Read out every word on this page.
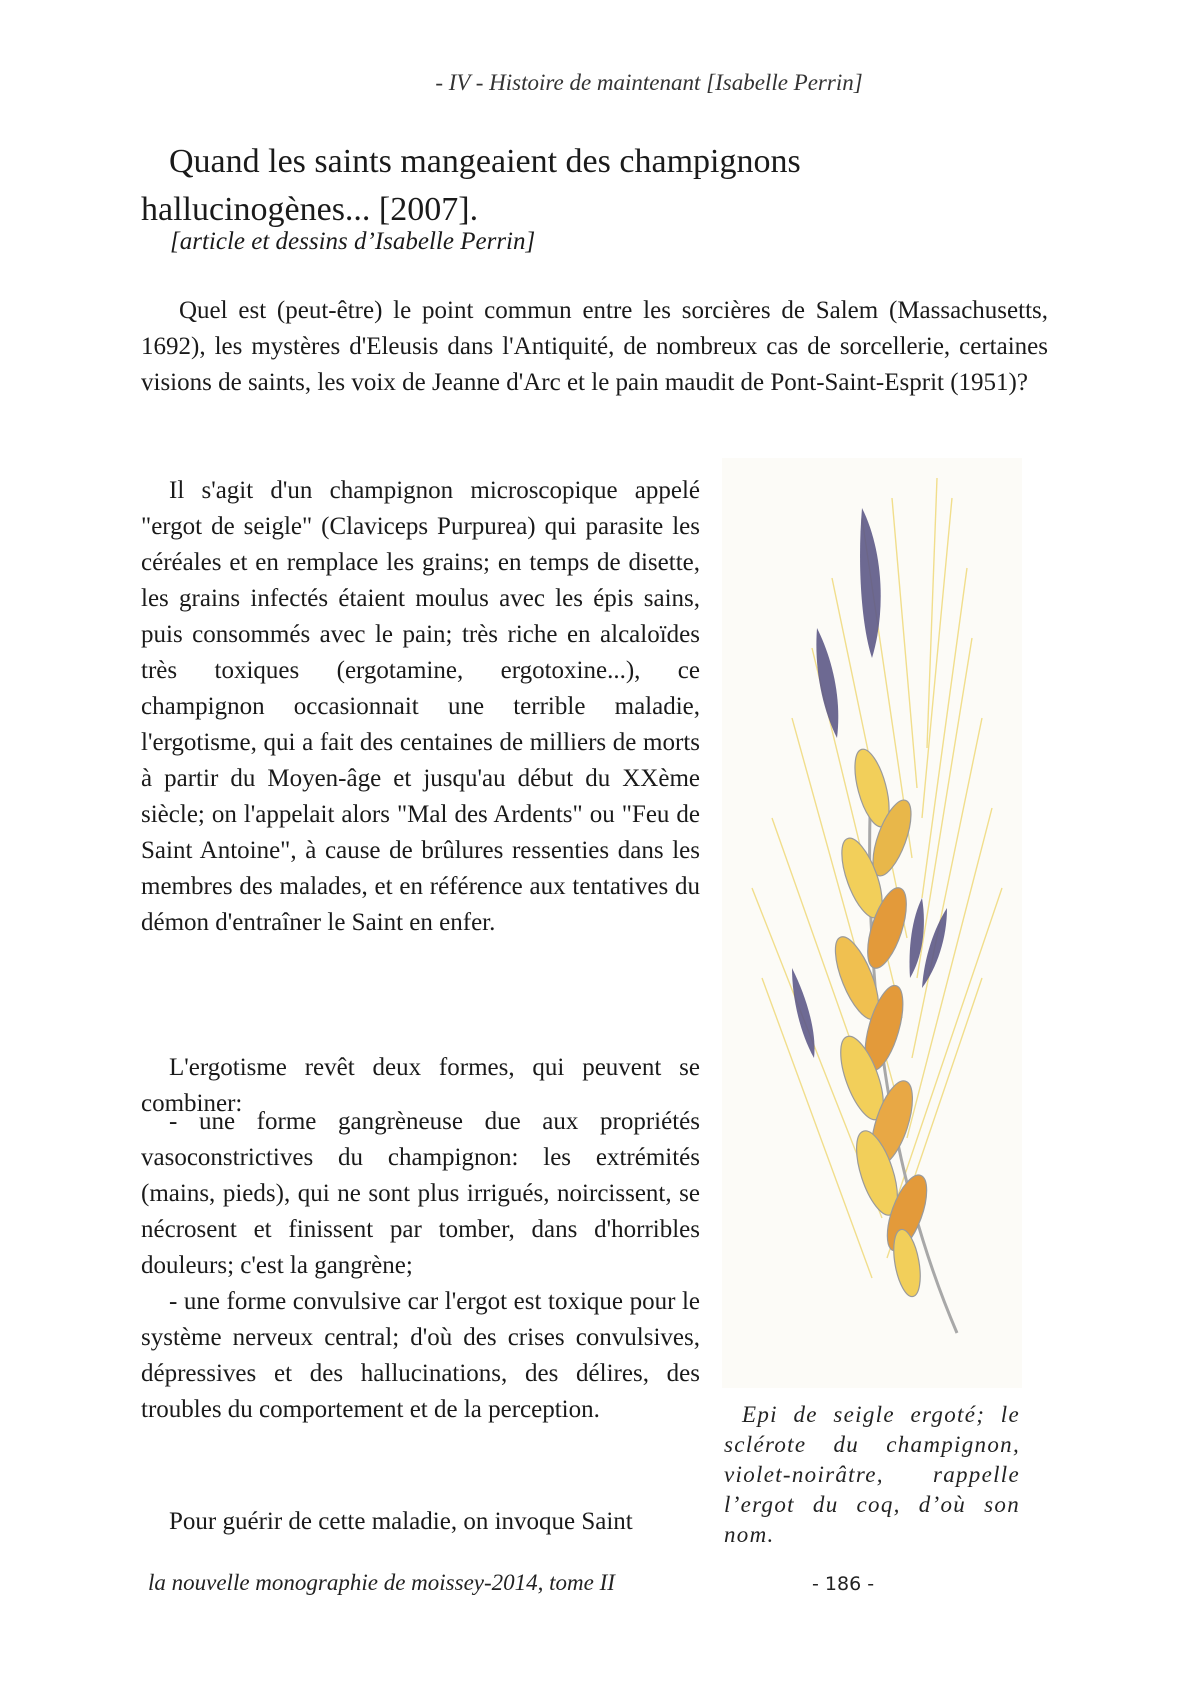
- IV - Histoire de maintenant [Isabelle Perrin]
Quand les saints mangeaient des champignons hallucinogènes... [2007].
[article et dessins d’Isabelle Perrin]

Quel est (peut-être) le point commun entre les sorcières de Salem (Massachusetts, 1692), les mystères d'Eleusis dans l'Antiquité, de nombreux cas de sorcellerie, certaines visions de saints, les voix de Jeanne d'Arc et le pain maudit de Pont-Saint-Esprit (1951)?

Il s'agit d'un champignon microscopique appelé "ergot de seigle" (Claviceps Purpurea) qui parasite les céréales et en remplace les grains; en temps de disette, les grains infectés étaient moulus avec les épis sains, puis consommés avec le pain; très riche en alcaloïdes très toxiques (ergotamine, ergotoxine...), ce champignon occasionnait une terrible maladie, l'ergotisme, qui a fait des centaines de milliers de morts à partir du Moyen-âge et jusqu'au début du XXème siècle; on l'appelait alors "Mal des Ardents" ou "Feu de Saint Antoine", à cause de brûlures ressenties dans les membres des malades, et en référence aux tentatives du démon d'entraîner le Saint en enfer.

L'ergotisme revêt deux formes, qui peuvent se combiner:

- une forme gangrèneuse due aux propriétés vasoconstrictives du champignon: les extrémités (mains, pieds), qui ne sont plus irrigués, noircissent, se nécrosent et finissent par tomber, dans d'horribles douleurs; c'est la gangrène;

- une forme convulsive car l'ergot est toxique pour le système nerveux central; d'où des crises convulsives, dépressives et des hallucinations, des délires, des troubles du comportement et de la perception.

Pour guérir de cette maladie, on invoque Saint

Epi de seigle ergoté; le sclérote du champignon, violet-noirâtre, rappelle l’ergot du coq, d’où son nom.
la nouvelle monographie de moissey-2014, tome II	- 186 -
